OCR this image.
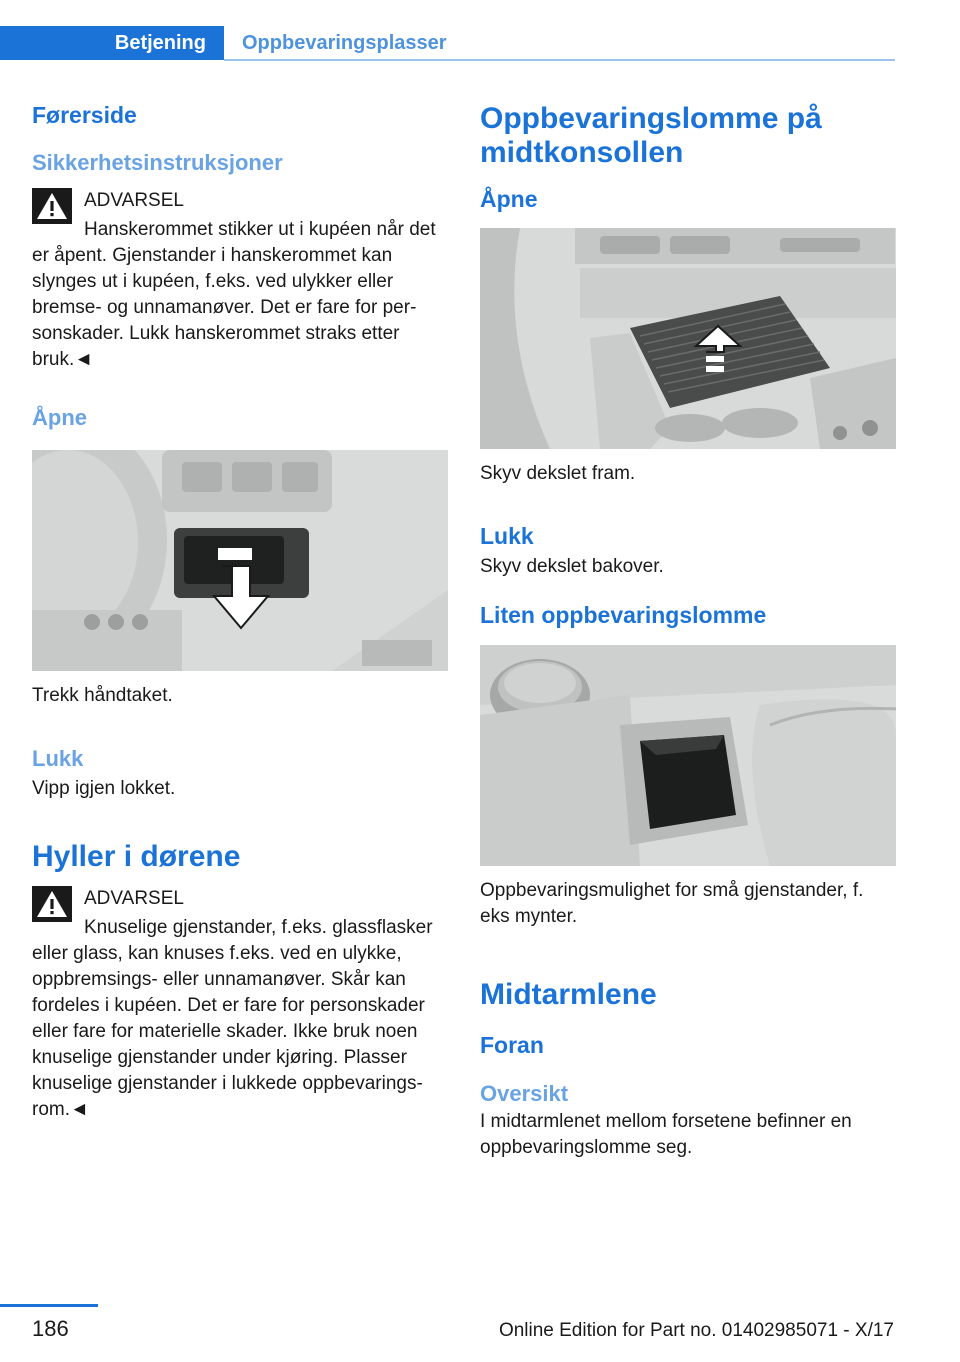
Betjening	Oppbevaringsplasser
Førerside
Sikkerhetsinstruksjoner

ADVARSEL

Hanskerommet stikker ut i kupéen når det er åpent. Gjenstander i hanskerommet kan slynges ut i kupéen, f.eks. ved ulykker eller bremse- og unnamanøver. Det er fare for personskader. Lukk hanskerommet straks etter bruk.◄

Åpne

Trekk håndtaket.

Lukk

Vipp igjen lokket.

Hyller i dørene

ADVARSEL

Knuselige gjenstander, f.eks. glassflasker eller glass, kan knuses f.eks. ved en ulykke, oppbremsings- eller unnamanøver. Skår kan fordeles i kupéen. Det er fare for personskader eller fare for materielle skader. Ikke bruk noen knuselige gjenstander under kjøring. Plasser knuselige gjenstander i lukkede oppbevaringsrom.◄

Oppbevaringslomme på midtkonsollen
Åpne

Skyv dekslet fram.

Lukk

Skyv dekslet bakover.

Liten oppbevaringslomme

Oppbevaringsmulighet for små gjenstander, f. eks mynter.

Midtarmlene
Foran
Oversikt

I midtarmlenet mellom forsetene befinner en oppbevaringslomme seg.

186	Online Edition for Part no. 01402985071 - X/17
